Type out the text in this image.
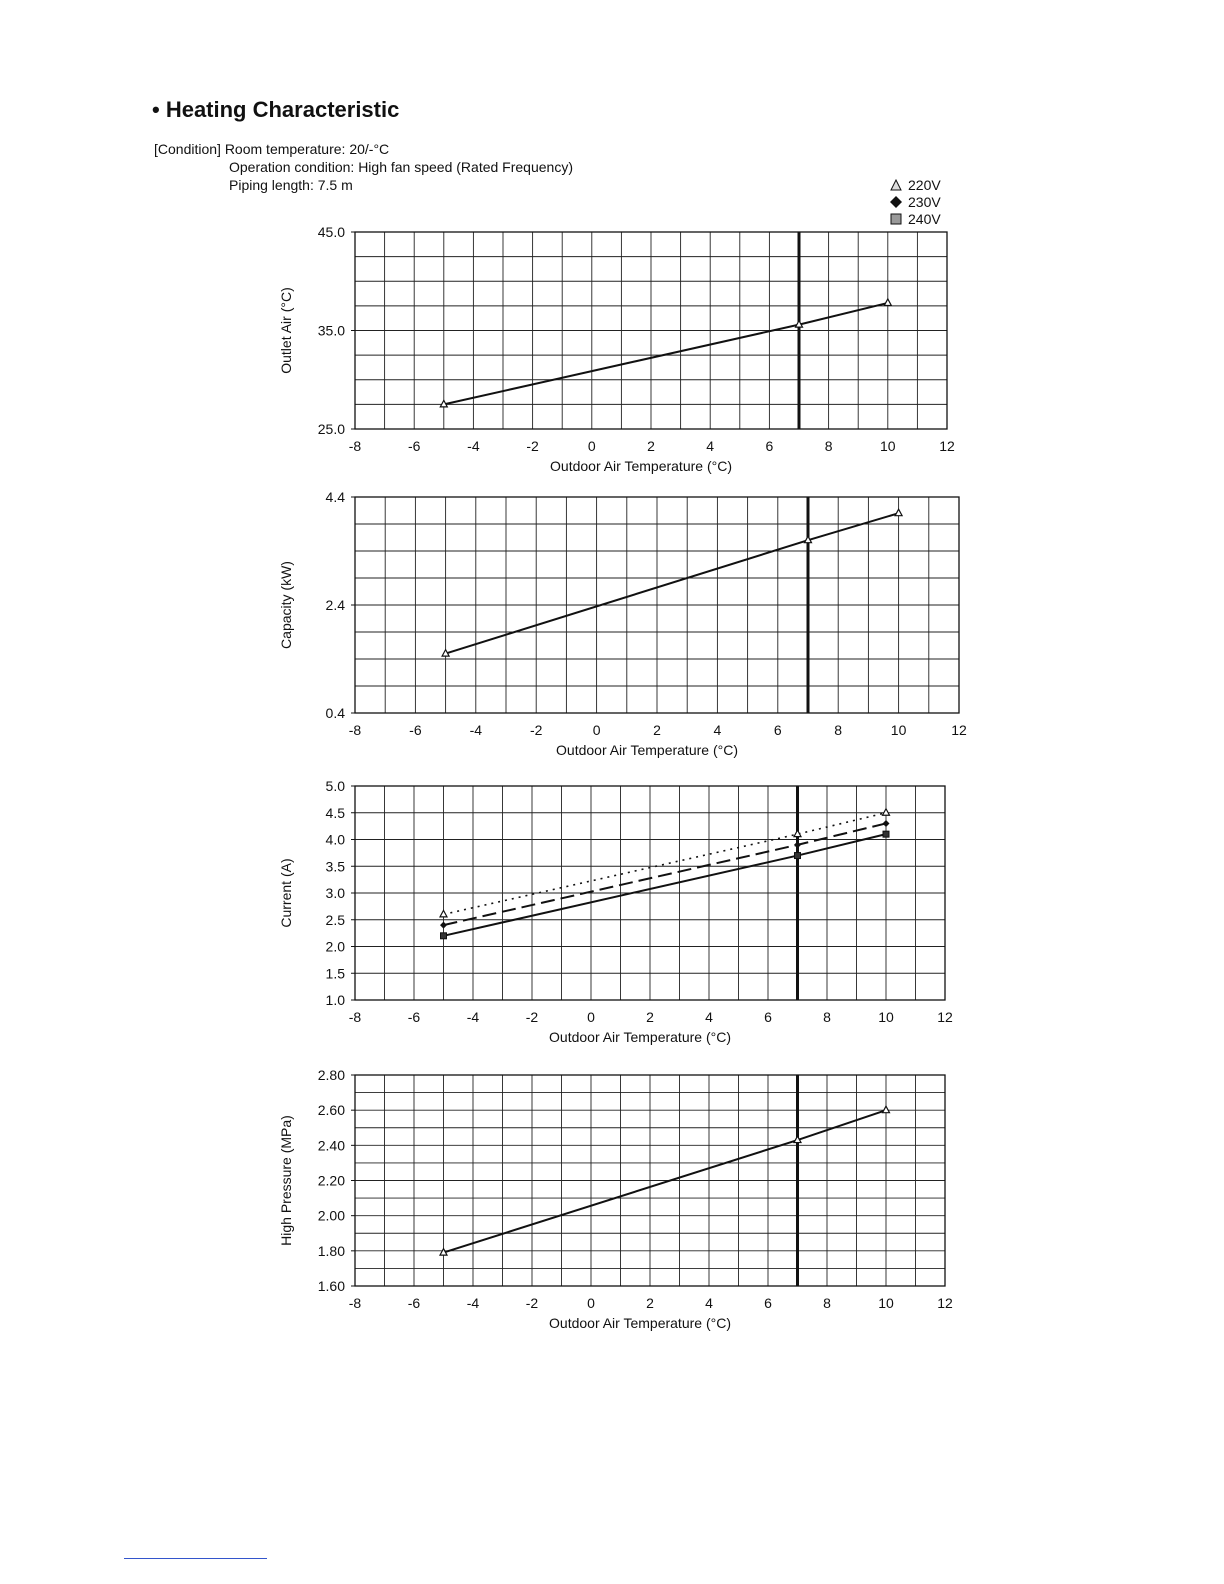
• Heating Characteristic
[Condition] Room temperature: 20/-°C
Operation condition: High fan speed (Rated Frequency)
Piping length: 7.5 m	220V
230V
240V
-8	-6	-4	-2	0	2	4	6	8	10	12
25.0
35.0
45.0
Outdoor Air Temperature (°C)
Outlet Air (°C)
-8	-6	-4	-2	0	2	4	6	8	10	12
0.4
2.4
4.4
Outdoor Air Temperature (°C)
Capacity (kW)
-8	-6	-4	-2	0	2	4	6	8	10	12
1.0
1.5
2.0
2.5
3.0
3.5
4.0
4.5
5.0
Outdoor Air Temperature (°C)
Current (A)
-8	-6	-4	-2	0	2	4	6	8	10	12
1.60
1.80
2.00
2.20
2.40
2.60
2.80
Outdoor Air Temperature (°C)
High Pressure (MPa)
